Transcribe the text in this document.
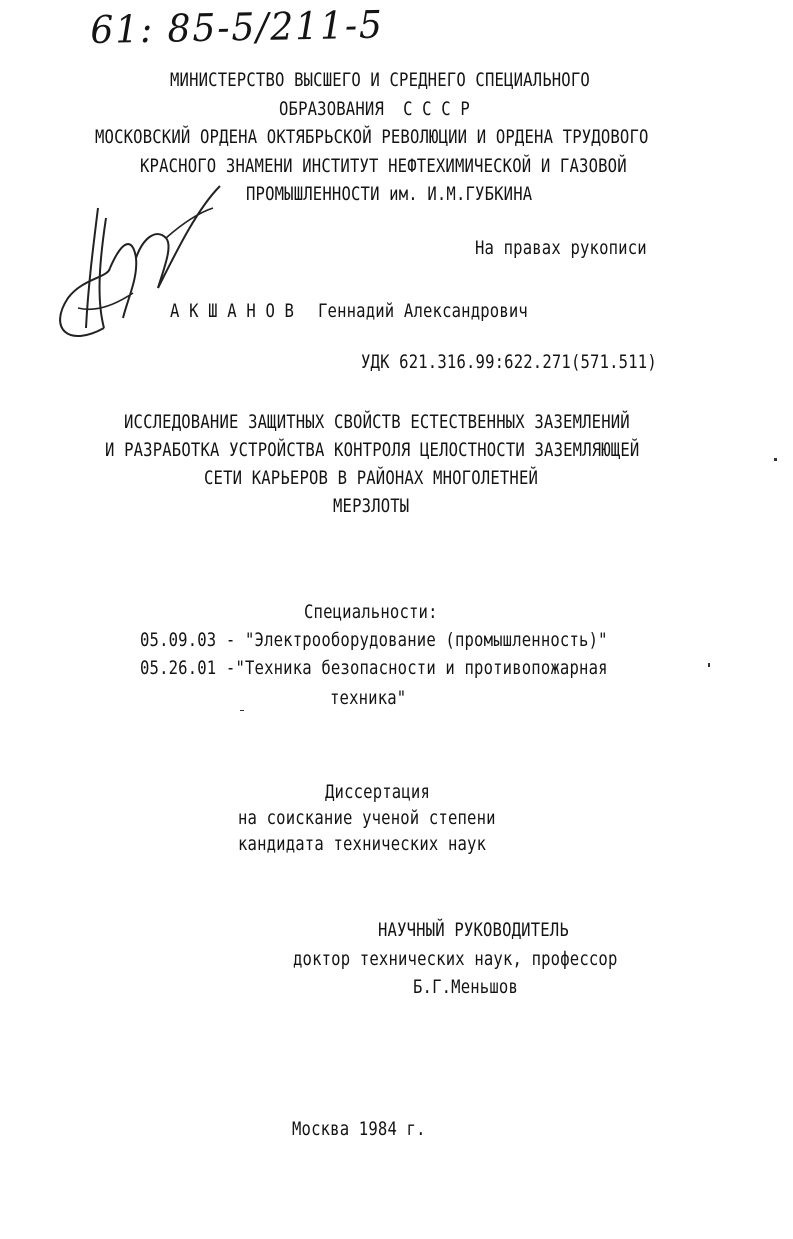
61: 85-5/211-5
МИНИСТЕРСТВО ВЫСШЕГО И СРЕДНЕГО СПЕЦИАЛЬНОГО
ОБРАЗОВАНИЯ  С С С Р
МОСКОВСКИЙ ОРДЕНА ОКТЯБРЬСКОЙ РЕВОЛЮЦИИ И ОРДЕНА ТРУДОВОГО
КРАСНОГО ЗНАМЕНИ ИНСТИТУТ НЕФТЕХИМИЧЕСКОЙ И ГАЗОВОЙ
ПРОМЫШЛЕННОСТИ им. И.М.ГУБКИНА
На правах рукописи
А К Ш А Н О В Геннадий Александрович
УДК 621.316.99:622.271(571.511)
ИССЛЕДОВАНИЕ ЗАЩИТНЫХ СВОЙСТВ ЕСТЕСТВЕННЫХ ЗАЗЕМЛЕНИЙ
И РАЗРАБОТКА УСТРОЙСТВА КОНТРОЛЯ ЦЕЛОСТНОСТИ ЗАЗЕМЛЯЮЩЕЙ
СЕТИ КАРЬЕРОВ В РАЙОНАХ МНОГОЛЕТНЕЙ
МЕРЗЛОТЫ
Специальности:
05.09.03 - "Электрооборудование (промышленность)"
05.26.01 -"Техника безопасности и противопожарная
техника"
Диссертация
на соискание ученой степени
кандидата технических наук
НАУЧНЫЙ РУКОВОДИТЕЛЬ
доктор технических наук, профессор
Б.Г.Меньшов
Москва 1984 г.
